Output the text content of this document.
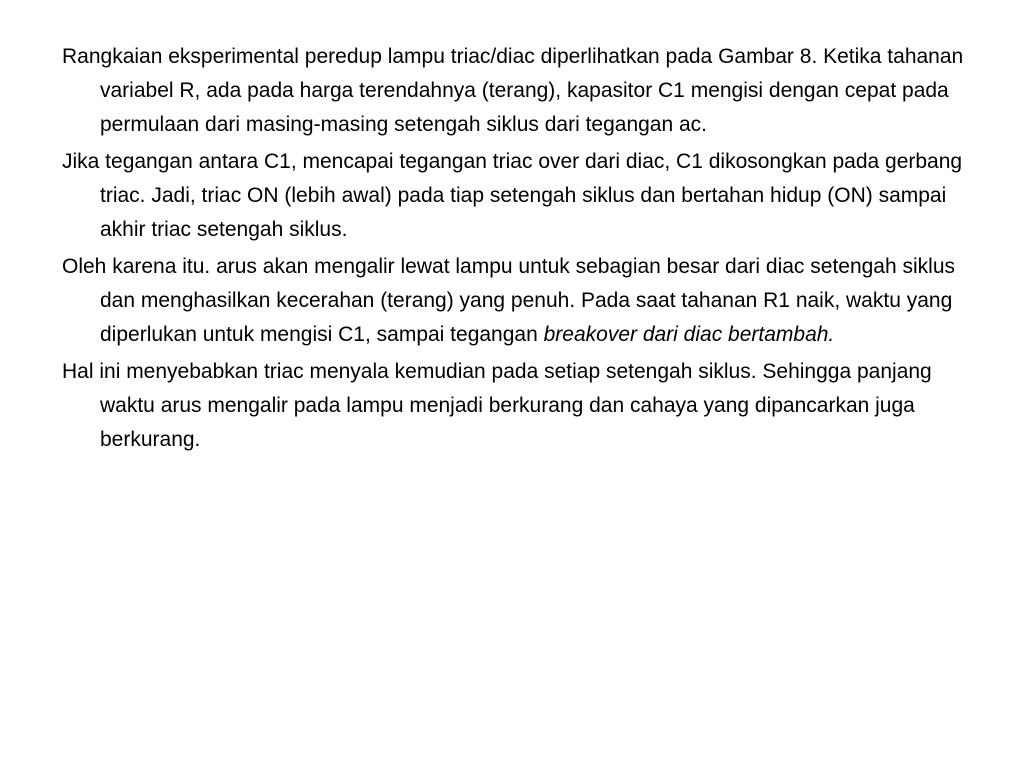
Rangkaian eksperimental peredup lampu triac/diac diperlihatkan pada Gambar 8. Ketika tahanan variabel R, ada pada harga terendahnya (terang), kapasitor C1 mengisi dengan cepat pada permulaan dari masing-masing setengah siklus dari tegangan ac.

Jika tegangan antara C1, mencapai tegangan triac over dari diac, C1 dikosongkan pada gerbang triac. Jadi, triac ON (lebih awal) pada tiap setengah siklus dan bertahan hidup (ON) sampai akhir triac setengah siklus.

Oleh karena itu. arus akan mengalir lewat lampu untuk sebagian besar dari diac setengah siklus dan menghasilkan kecerahan (terang) yang penuh. Pada saat tahanan R1 naik, waktu yang diperlukan untuk mengisi C1, sampai tegangan breakover dari diac bertambah.

Hal ini menyebabkan triac menyala kemudian pada setiap setengah siklus. Sehingga panjang waktu arus mengalir pada lampu menjadi berkurang dan cahaya yang dipancarkan juga berkurang.
